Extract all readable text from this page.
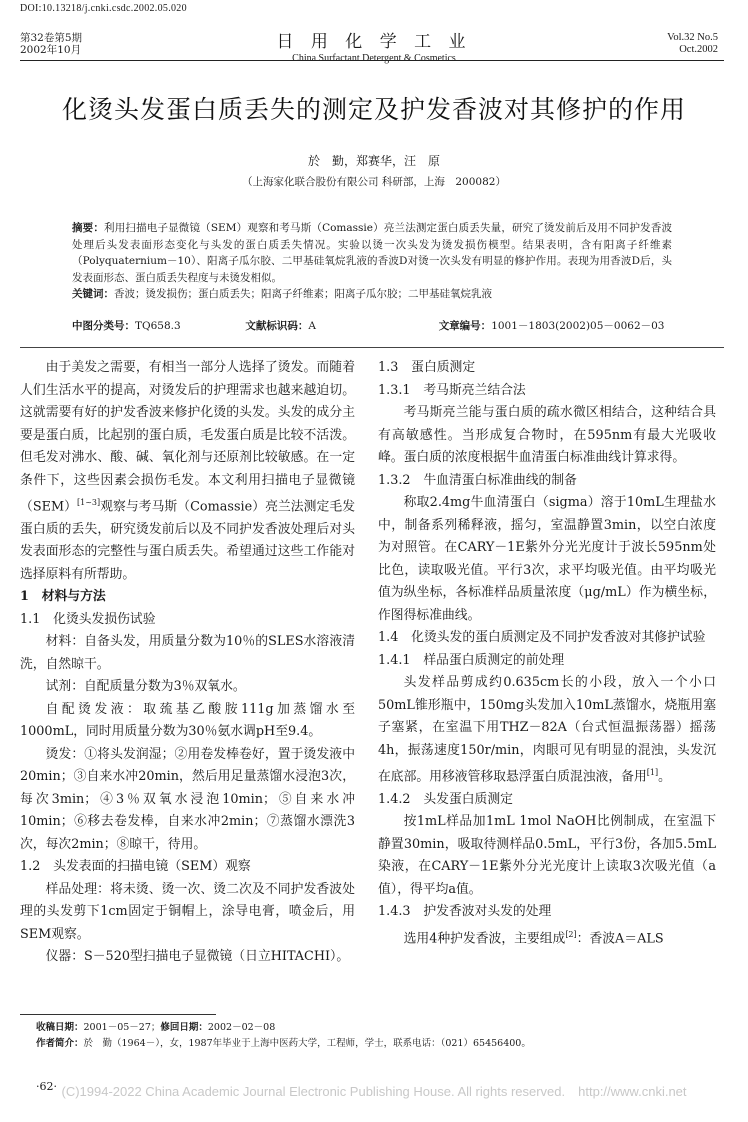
DOI:10.13218/j.cnki.csdc.2002.05.020
第32卷第5期
2002年10月	日 用 化 学 工 业
China Surfactant Detergent & Cosmetics
Vol.32 No.5
Oct.2002
化烫头发蛋白质丢失的测定及护发香波对其修护的作用
於　勤，郑赛华，汪　原
（上海家化联合股份有限公司 科研部，上海　200082）

摘要：利用扫描电子显微镜（SEM）观察和考马斯（Comassie）亮兰法测定蛋白质丢失量，研究了烫发前后及用不同护发香波处理后头发表面形态变化与头发的蛋白质丢失情况。实验以烫一次头发为烫发损伤模型。结果表明，含有阳离子纤维素（Polyquaternium－10）、阳离子瓜尔胶、二甲基硅氧烷乳液的香波D对烫一次头发有明显的修护作用。表现为用香波D后，头发表面形态、蛋白质丢失程度与未烫发相似。

关键词：香波；烫发损伤；蛋白质丢失；阳离子纤维素；阳离子瓜尔胶；二甲基硅氧烷乳液

中图分类号：TQ658.3	文献标识码：A	文章编号：1001－1803(2002)05－0062－03

由于美发之需要，有相当一部分人选择了烫发。而随着人们生活水平的提高，对烫发后的护理需求也越来越迫切。这就需要有好的护发香波来修护化烫的头发。头发的成分主要是蛋白质，比起别的蛋白质，毛发蛋白质是比较不活泼。但毛发对沸水、酸、碱、氧化剂与还原剂比较敏感。在一定条件下，这些因素会损伤毛发。本文利用扫描电子显微镜（SEM）[1~3]观察与考马斯（Comassie）亮兰法测定毛发蛋白质的丢失，研究烫发前后以及不同护发香波处理后对头发表面形态的完整性与蛋白质丢失。希望通过这些工作能对选择原料有所帮助。

1　材料与方法

1.1　化烫头发损伤试验

材料：自备头发，用质量分数为10％的SLES水溶液清洗，自然晾干。

试剂：自配质量分数为3％双氧水。

自配烫发液：取巯基乙酸胺111g加蒸馏水至1000mL，同时用质量分数为30％氨水调pH至9.4。

烫发：①将头发润湿；②用卷发棒卷好，置于烫发液中20min；③自来水冲20min，然后用足量蒸馏水浸泡3次，每次3min；④3％双氧水浸泡10min；⑤自来水冲10min；⑥移去卷发棒，自来水冲2min；⑦蒸馏水漂洗3次，每次2min；⑧晾干，待用。

1.2　头发表面的扫描电镜（SEM）观察

样品处理：将未烫、烫一次、烫二次及不同护发香波处理的头发剪下1cm固定于铜帽上，涂导电膏，喷金后，用SEM观察。

仪器：S－520型扫描电子显微镜（日立HITACHI）。

1.3　蛋白质测定

1.3.1　考马斯亮兰结合法

考马斯亮兰能与蛋白质的疏水微区相结合，这种结合具有高敏感性。当形成复合物时，在595nm有最大光吸收峰。蛋白质的浓度根据牛血清蛋白标准曲线计算求得。

1.3.2　牛血清蛋白标准曲线的制备

称取2.4mg牛血清蛋白（sigma）溶于10mL生理盐水中，制备系列稀释液，摇匀，室温静置3min，以空白浓度为对照管。在CARY－1E紫外分光光度计于波长595nm处比色，读取吸光值。平行3次，求平均吸光值。由平均吸光值为纵坐标，各标准样品质量浓度（μg/mL）作为横坐标，作图得标准曲线。

1.4　化烫头发的蛋白质测定及不同护发香波对其修护试验

1.4.1　样品蛋白质测定的前处理

头发样品剪成约0.635cm长的小段，放入一个小口50mL锥形瓶中，150mg头发加入10mL蒸馏水，烧瓶用塞子塞紧，在室温下用THZ－82A（台式恒温振荡器）摇荡4h，振荡速度150r/min，肉眼可见有明显的混浊，头发沉在底部。用移液管移取悬浮蛋白质混浊液，备用[1]。

1.4.2　头发蛋白质测定

按1mL样品加1mL 1mol NaOH比例制成，在室温下静置30min，吸取待测样品0.5mL，平行3份，各加5.5mL染液，在CARY－1E紫外分光光度计上读取3次吸光值（a值），得平均a值。

1.4.3　护发香波对头发的处理

选用4种护发香波，主要组成[2]：香波A＝ALS

收稿日期：2001－05－27；修回日期：2002－02－08
作者简介：於　勤（1964－），女，1987年毕业于上海中医药大学，工程师，学士，联系电话：（021）65456400。
(C)1994-2022 China Academic Journal Electronic Publishing House. All rights reserved.　http://www.cnki.net
·62·
